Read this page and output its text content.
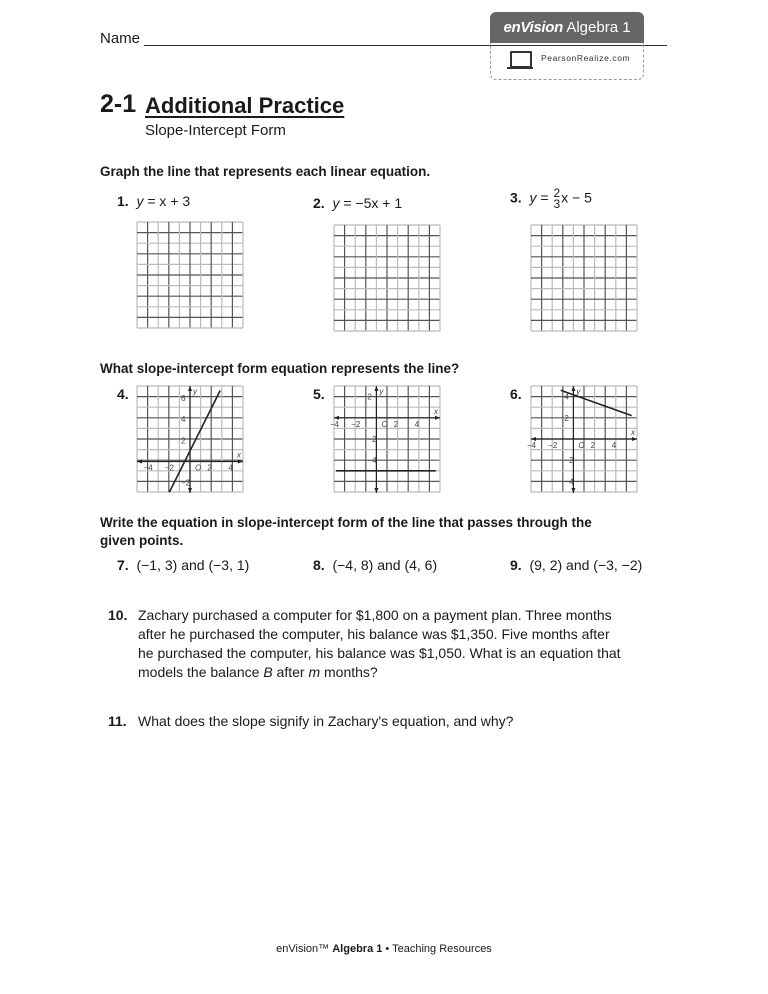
Name
enVision Algebra 1
PearsonRealize.com
2-1 Additional Practice
Slope-Intercept Form
Graph the line that represents each linear equation.
1. y = x + 3	2. y = −5x + 1	3. y = 2
3 x − 5
What slope-intercept form equation represents the line?
4.	5.	6.
−4 −2	2 4
6
4
2
−2
y
x
O
−4 −2	2 4
2
−2
−4
y
x
O
−4 −2	2 4
4
2
−2
−4
y
x
O
Write the equation in slope-intercept form of the line that passes through the
given points.
7. (−1, 3) and (−3, 1)	8. (−4, 8) and (4, 6)	9. (9, 2) and (−3, −2)
10. Zachary purchased a computer for $1,800 on a payment plan. Three months
after he purchased the computer, his balance was $1,350. Five months after
he purchased the computer, his balance was $1,050. What is an equation that
models the balance B after m months?
11. What does the slope signify in Zachary's equation, and why?
enVision™ Algebra 1 • Teaching Resources
